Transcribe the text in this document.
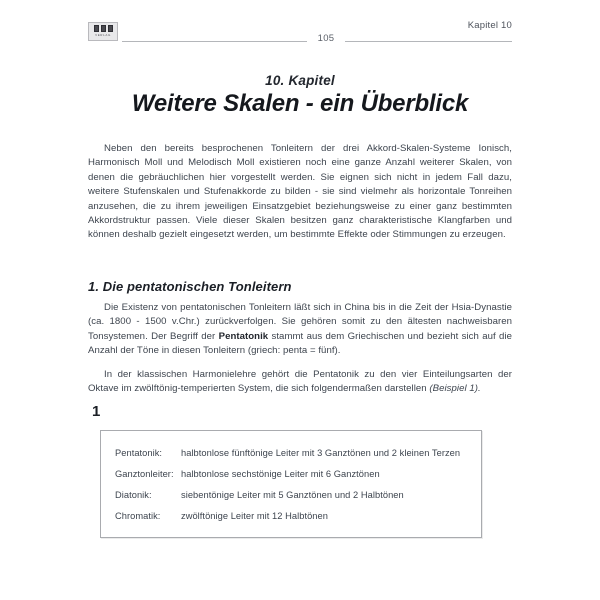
VERLAG	105
Kapitel 10
10. Kapitel
Weitere Skalen - ein Überblick

Neben den bereits besprochenen Tonleitern der drei Akkord-Skalen-Systeme Ionisch, Harmonisch Moll und Melodisch Moll existieren noch eine ganze Anzahl weiterer Skalen, von denen die gebräuchlichen hier vorgestellt werden. Sie eignen sich nicht in jedem Fall dazu, weitere Stufenskalen und Stufenakkorde zu bilden - sie sind vielmehr als horizontale Tonreihen anzusehen, die zu ihrem jeweiligen Einsatzgebiet beziehungsweise zu einer ganz bestimmten Akkordstruktur passen. Viele dieser Skalen besitzen ganz charakteristische Klangfarben und können deshalb gezielt eingesetzt werden, um bestimmte Effekte oder Stimmungen zu erzeugen.

1. Die pentatonischen Tonleitern

Die Existenz von pentatonischen Tonleitern läßt sich in China bis in die Zeit der Hsia-Dynastie (ca. 1800 - 1500 v.Chr.) zurückverfolgen. Sie gehören somit zu den ältesten nachweisbaren Tonsystemen. Der Begriff der Pentatonik stammt aus dem Griechischen und bezieht sich auf die Anzahl der Töne in diesen Tonleitern (griech: penta = fünf).

In der klassischen Harmonielehre gehört die Pentatonik zu den vier Einteilungsarten der Oktave im zwölftönig-temperierten System, die sich folgendermaßen darstellen (Beispiel 1).

1
Pentatonik:	halbtonlose fünftönige Leiter mit 3 Ganztönen und 2 kleinen Terzen
Ganztonleiter:	halbtonlose sechstönige Leiter mit 6 Ganztönen
Diatonik:	siebentönige Leiter mit 5 Ganztönen und 2 Halbtönen
Chromatik:	zwölftönige Leiter mit 12 Halbtönen
